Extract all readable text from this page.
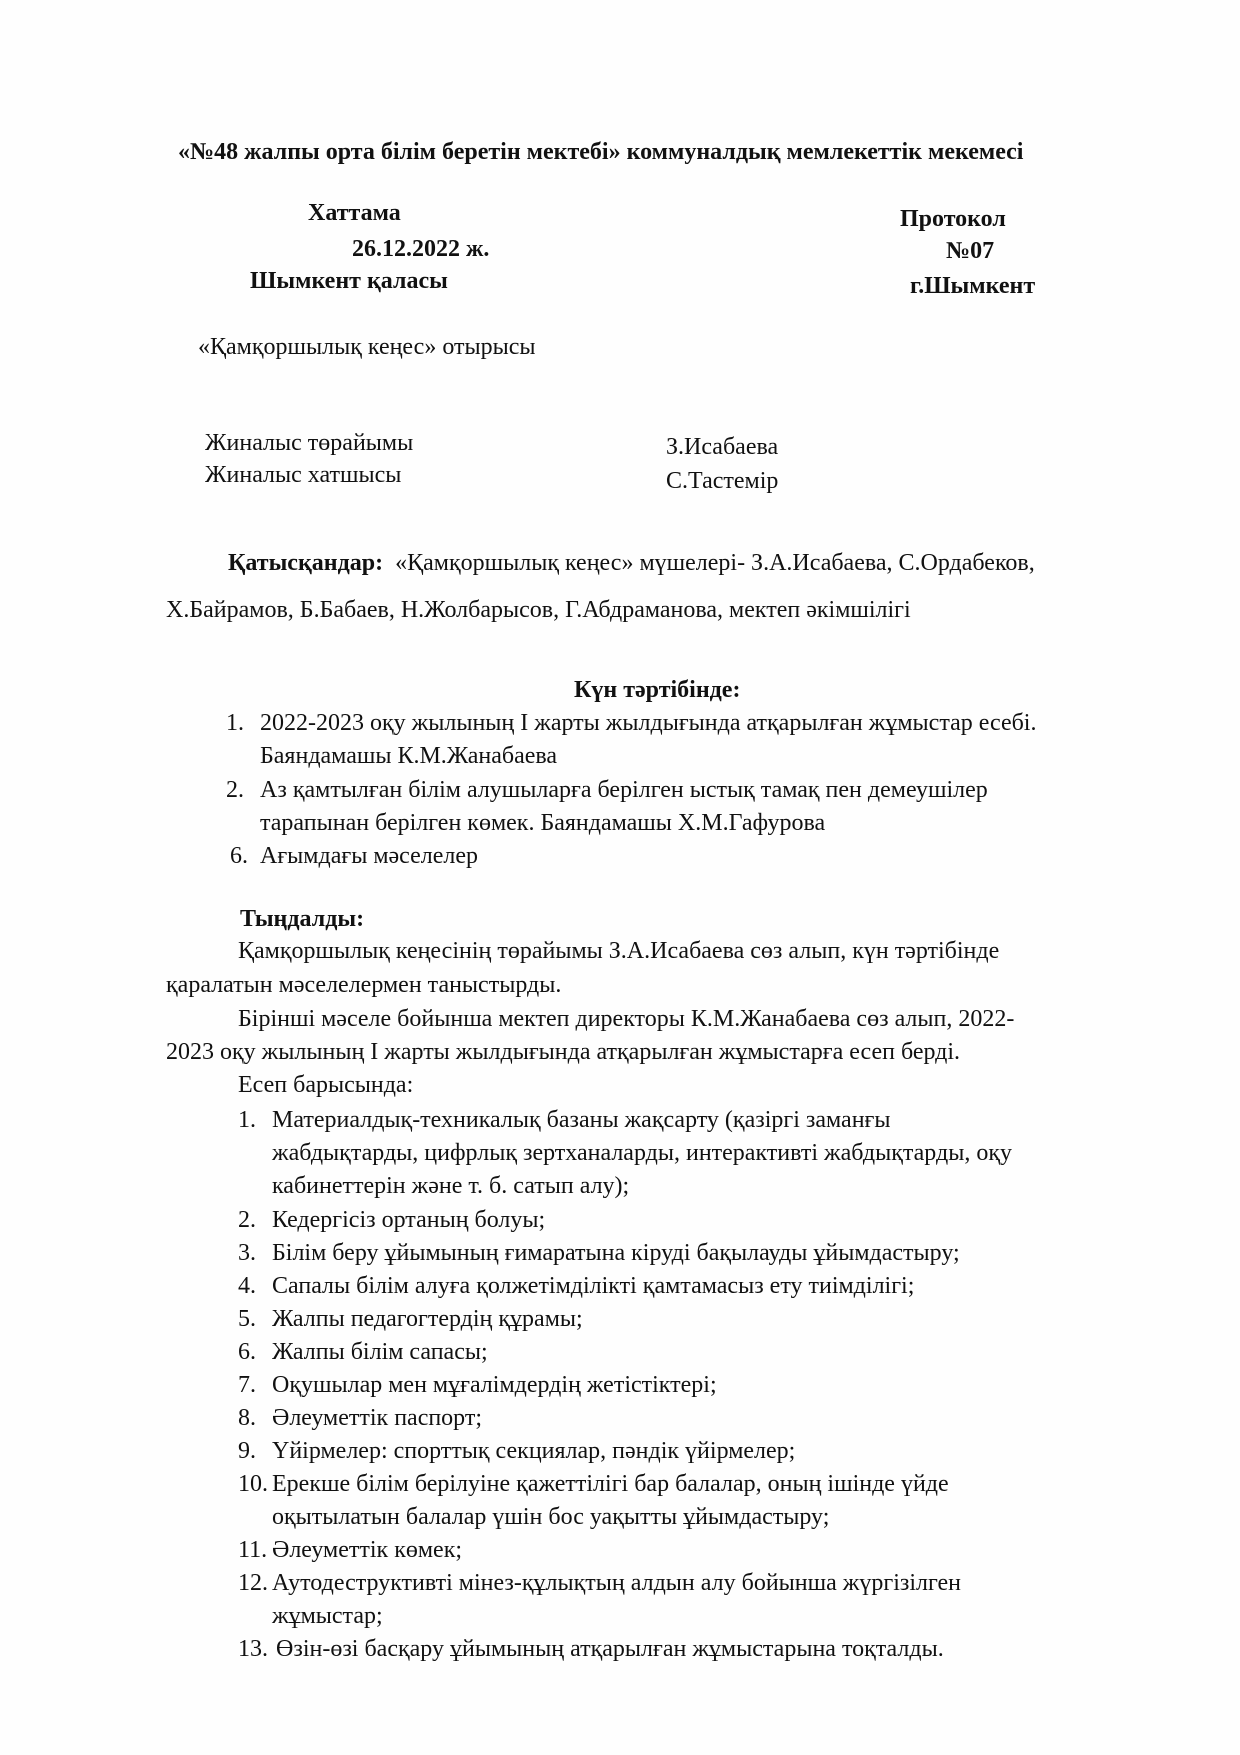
«№48 жалпы орта білім беретін мектебі» коммуналдық мемлекеттік мекемесі
Хаттама
26.12.2022 ж.
Шымкент қаласы
Протокол
№07
г.Шымкент
«Қамқоршылық кеңес» отырысы
Жиналыс төрайымы	З.Исабаева
Жиналыс хатшысы	С.Тастемір
Қатысқандар: «Қамқоршылық кеңес» мүшелері- З.А.Исабаева, С.Ордабеков,
Х.Байрамов, Б.Бабаев, Н.Жолбарысов, Г.Абдраманова, мектеп әкімшілігі
Күн тәртібінде:
1. 2022-2023 оқу жылының І жарты жылдығында атқарылған жұмыстар есебі.
Баяндамашы К.М.Жанабаева
2. Аз қамтылған білім алушыларға берілген ыстық тамақ пен демеушілер
тарапынан берілген көмек. Баяндамашы Х.М.Гафурова
6. Ағымдағы мәселелер
Тыңдалды:
Қамқоршылық кеңесінің төрайымы З.А.Исабаева сөз алып, күн тәртібінде
қаралатын мәселелермен таныстырды.
Бірінші мәселе бойынша мектеп директоры К.М.Жанабаева сөз алып, 2022-
2023 оқу жылының І жарты жылдығында атқарылған жұмыстарға есеп берді.
Есеп барысында:
1. Материалдық-техникалық базаны жақсарту (қазіргі заманғы
жабдықтарды, цифрлық зертханаларды, интерактивті жабдықтарды, оқу
кабинеттерін және т. б. сатып алу);
2. Кедергісіз ортаның болуы;
3. Білім беру ұйымының ғимаратына кіруді бақылауды ұйымдастыру;
4. Сапалы білім алуға қолжетімділікті қамтамасыз ету тиімділігі;
5. Жалпы педагогтердің құрамы;
6. Жалпы білім сапасы;
7. Оқушылар мен мұғалімдердің жетістіктері;
8. Әлеуметтік паспорт;
9. Үйірмелер: спорттық секциялар, пәндік үйірмелер;
10. Ерекше білім берілуіне қажеттілігі бар балалар, оның ішінде үйде
оқытылатын балалар үшін бос уақытты ұйымдастыру;
11. Әлеуметтік көмек;
12. Аутодеструктивті мінез-құлықтың алдын алу бойынша жүргізілген
жұмыстар;
13. Өзін-өзі басқару ұйымының атқарылған жұмыстарына тоқталды.
